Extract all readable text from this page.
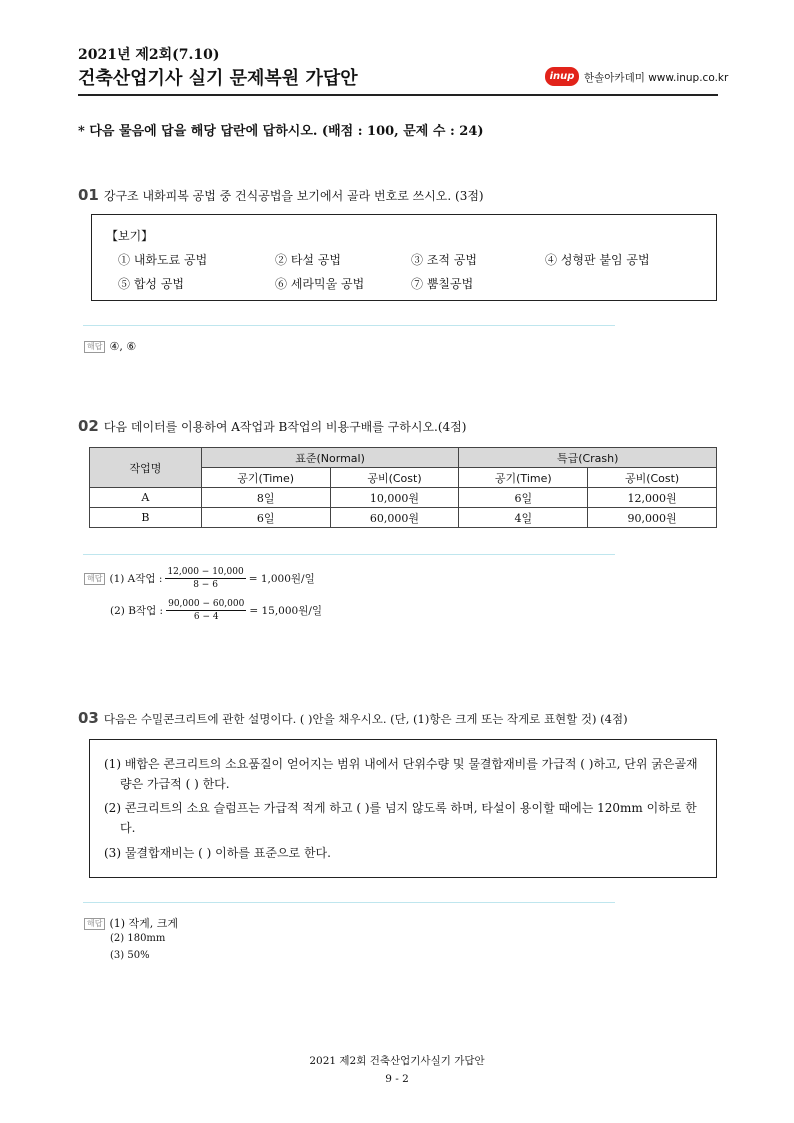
2021년 제2회(7.10)
건축산업기사 실기 문제복원 가답안	inup 한솔아카데미 www.inup.co.kr
* 다음 물음에 답을 해당 답란에 답하시오. (배점 : 100, 문제 수 : 24)
01 강구조 내화피복 공법 중 건식공법을 보기에서 골라 번호로 쓰시오. (3점)
【보기】
① 내화도료 공법	② 타설 공법	③ 조적 공법	④ 성형판 붙임 공법
⑤ 합성 공법	⑥ 세라믹울 공법	⑦ 뿜칠공법
해답 ④, ⑥
02 다음 데이터를 이용하여 A작업과 B작업의 비용구배를 구하시오.(4점)
작업명	표준(Normal)		특급(Crash)	
	공기(Time)	공비(Cost)	공기(Time)	공비(Cost)
A	8일	10,000원	6일	12,000원
B	6일	60,000원	4일	90,000원
해답 (1) A작업 : $\frac{12,000 - 10,000}{8 - 6} = 1,000$원/일
(2) B작업 : $\frac{90,000 - 60,000}{6 - 4} = 15,000$원/일
03 다음은 수밀콘크리트에 관한 설명이다. ( )안을 채우시오. (단, (1)항은 크게 또는 작게로 표현할 것) (4점)
(1) 배합은 콘크리트의 소요품질이 얻어지는 범위 내에서 단위수량 및 물결합재비를 가급적 ( )하고, 단위 굵은골재량은 가급적 ( ) 한다.
(2) 콘크리트의 소요 슬럼프는 가급적 적게 하고 ( )를 넘지 않도록 하며, 타설이 용이할 때에는 120mm 이하로 한다.
(3) 물결합재비는 ( ) 이하를 표준으로 한다.
해답 (1) 작게, 크게
(2) 180mm
(3) 50%
2021 제2회 건축산업기사실기 가답안
9 - 2
